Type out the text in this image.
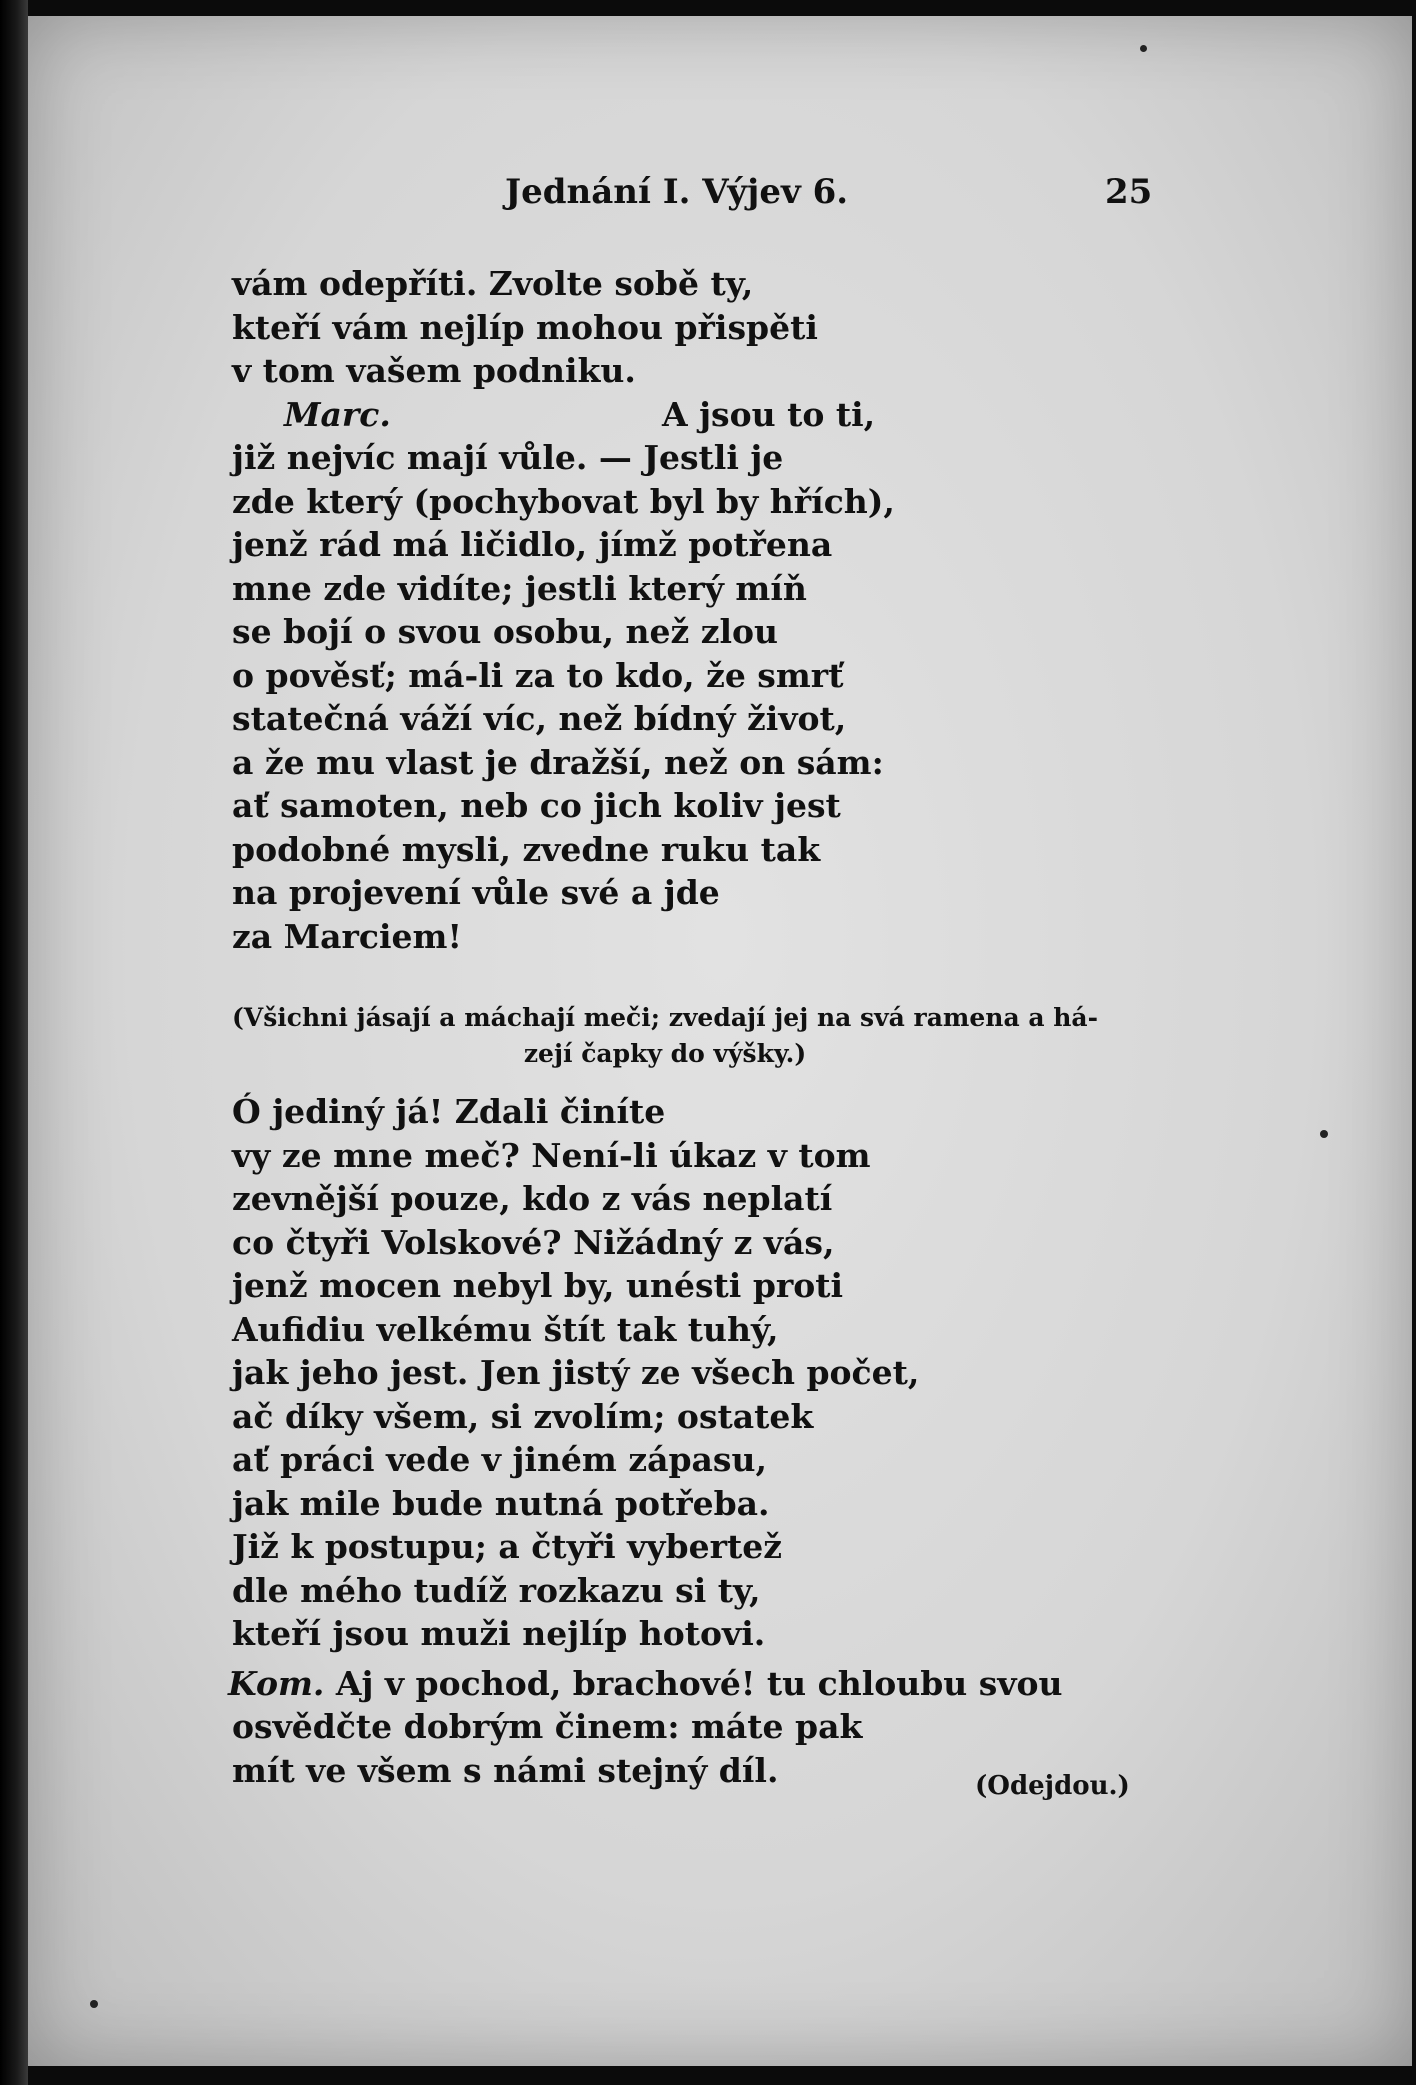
Jednání I. Výjev 6.	25
vám odepříti. Zvolte sobě ty,
kteří vám nejlíp mohou přispěti
v tom vašem podniku.
Marc.	A jsou to ti,
již nejvíc mají vůle. — Jestli je
zde který (pochybovat byl by hřích),
jenž rád má ličidlo, jímž potřena
mne zde vidíte; jestli který míň
se bojí o svou osobu, než zlou
o pověsť; má-li za to kdo, že smrť
statečná váží víc, než bídný život,
a že mu vlast je dražší, než on sám:
ať samoten, neb co jich koliv jest
podobné mysli, zvedne ruku tak
na projevení vůle své a jde
za Marciem!
(Všichni jásají a máchají meči; zvedají jej na svá ramena a há-
zejí čapky do výšky.)
Ó jediný já! Zdali činíte
vy ze mne meč? Není-li úkaz v tom
zevnější pouze, kdo z vás neplatí
co čtyři Volskové? Nižádný z vás,
jenž mocen nebyl by, unésti proti
Aufidiu velkému štít tak tuhý,
jak jeho jest. Jen jistý ze všech počet,
ač díky všem, si zvolím; ostatek
ať práci vede v jiném zápasu,
jak mile bude nutná potřeba.
Již k postupu; a čtyři vybertež
dle mého tudíž rozkazu si ty,
kteří jsou muži nejlíp hotovi.
Kom. Aj v pochod, brachové! tu chloubu svou
osvědčte dobrým činem: máte pak
mít ve všem s námi stejný díl.	(Odejdou.)
